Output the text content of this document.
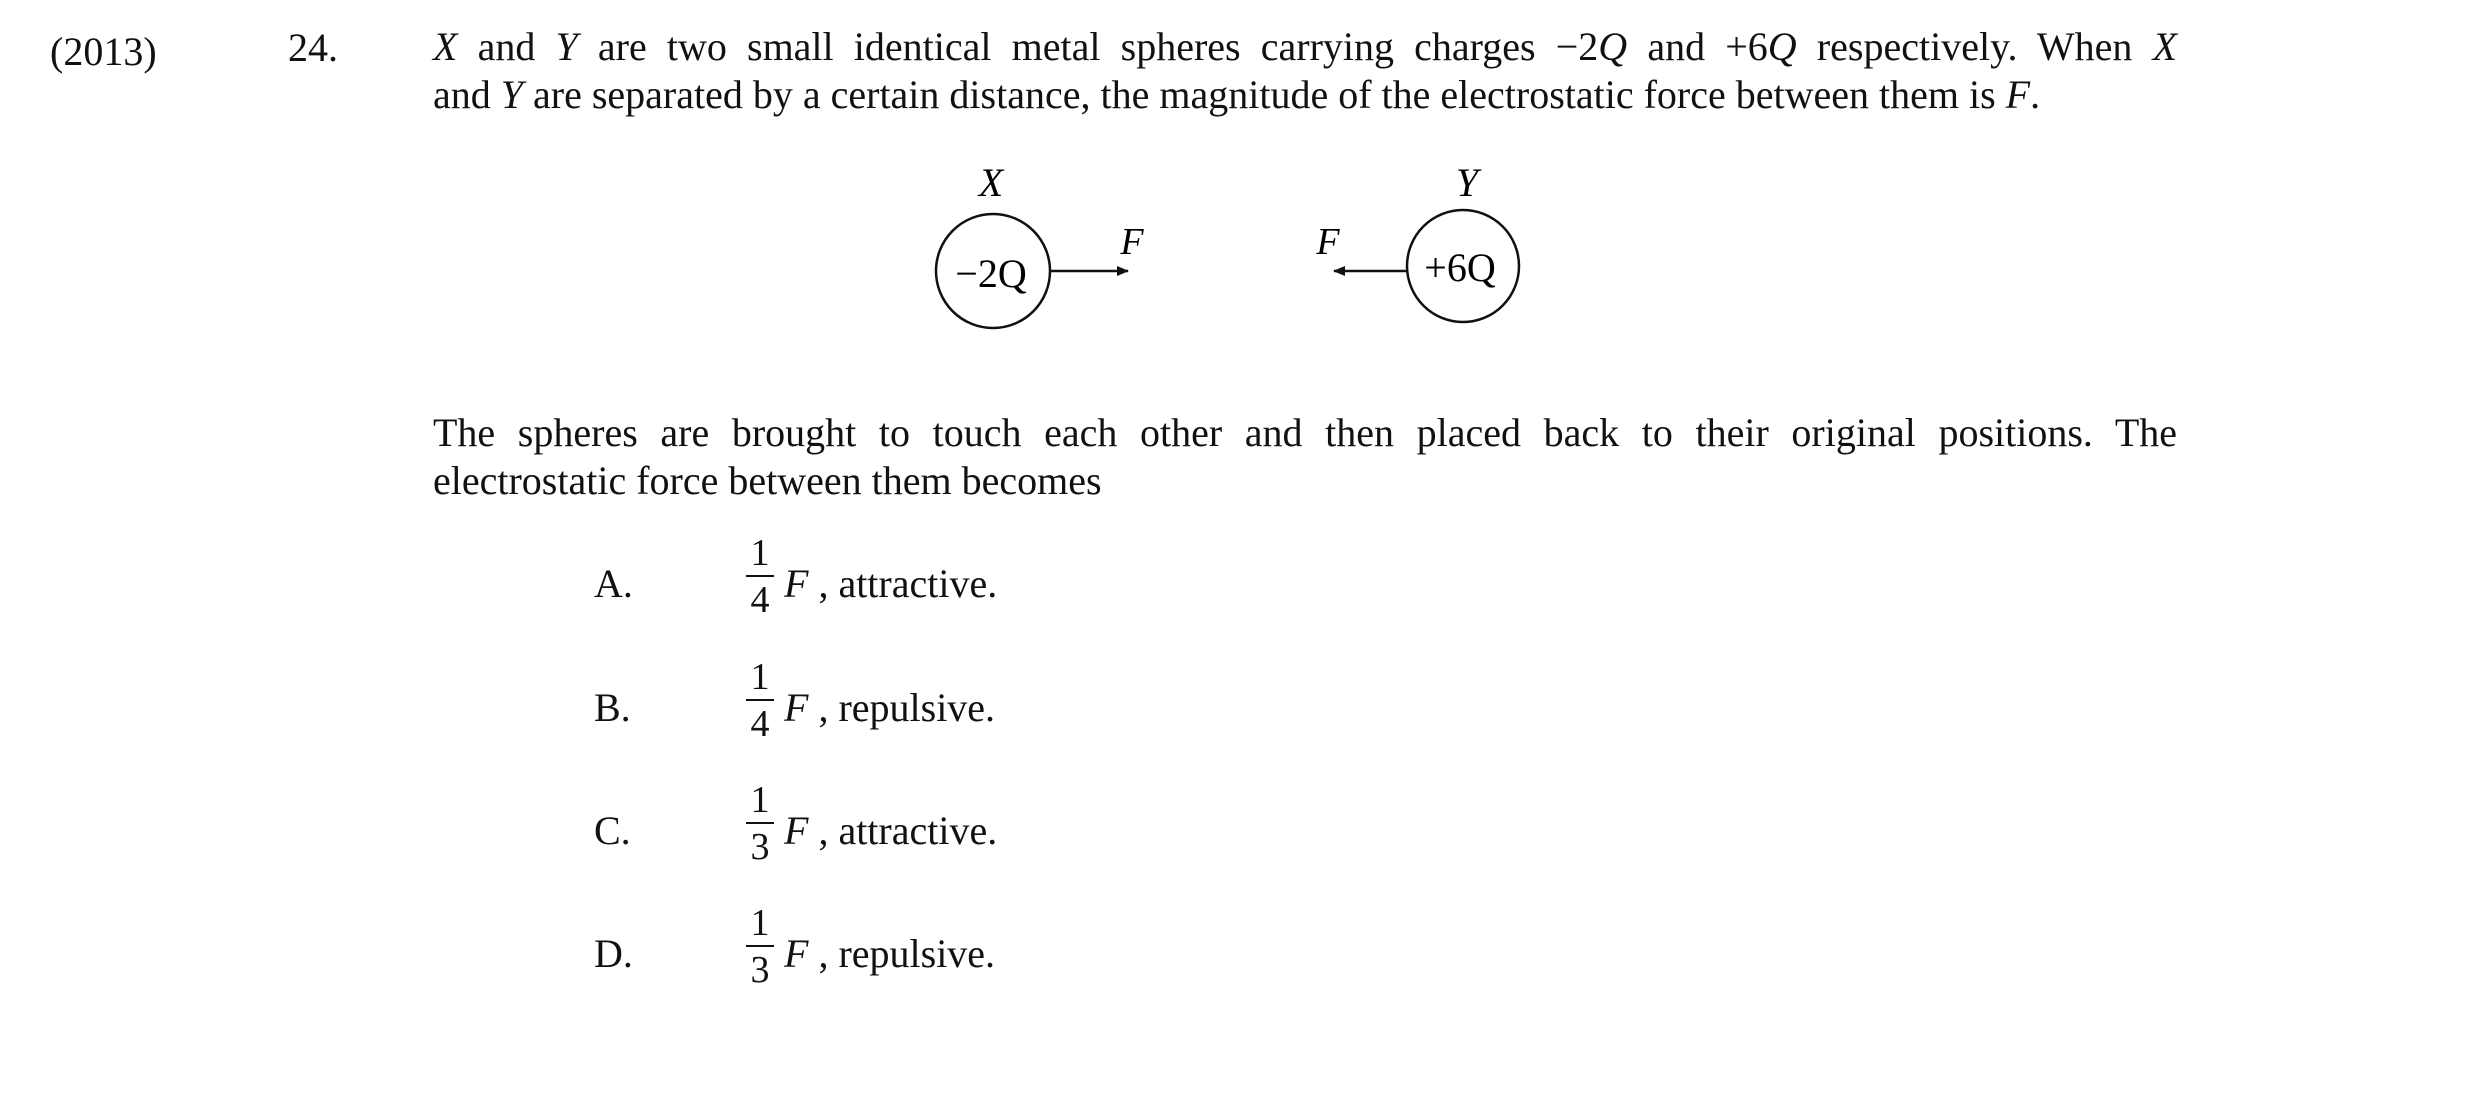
(2013)	24. X and Y are two small identical metal spheres carrying charges −2Q and +6Q respectively. When X
and Y are separated by a certain distance, the magnitude of the electrostatic force between them is F.
X
−2Q
F
Y
+6Q
F
The spheres are brought to touch each other and then placed back to their original positions. The
electrostatic force between them becomes
A.
1
4 F , attractive.
B.
1
4 F , repulsive.
C.
1
3 F , attractive.
D.
1
3 F , repulsive.
